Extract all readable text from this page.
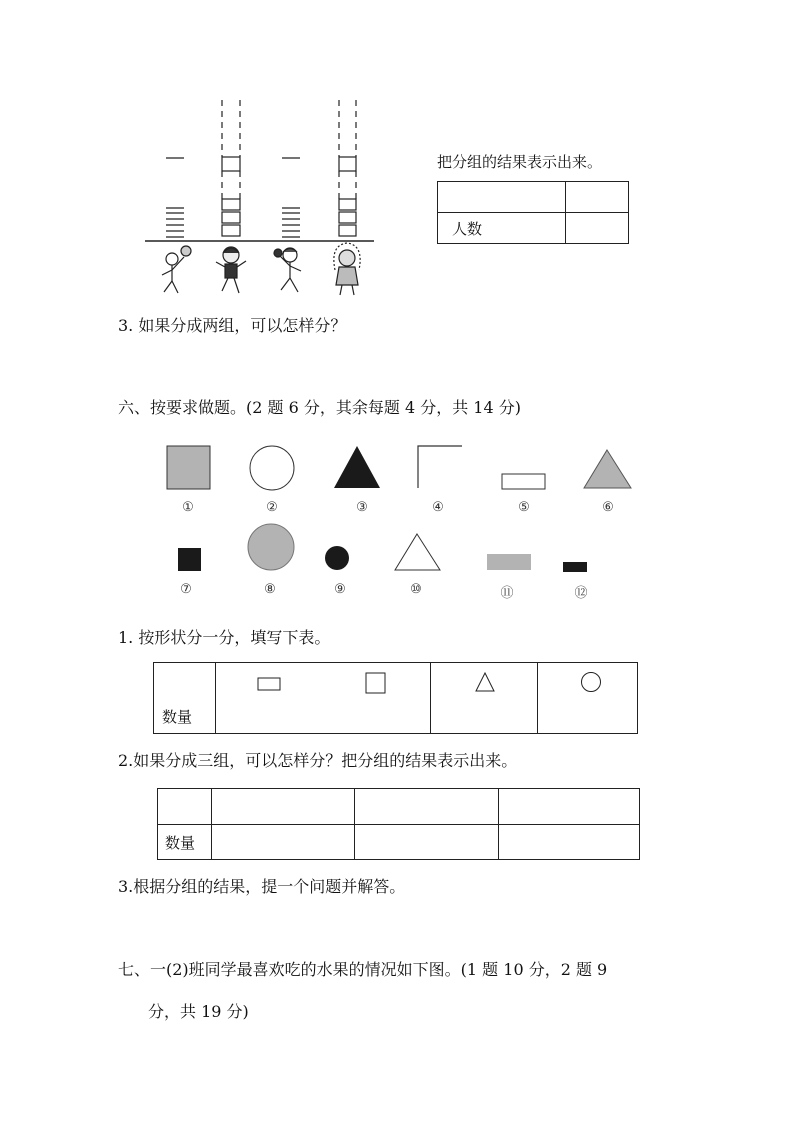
把分组的结果表示出来。

人数	
3. 如果分成两组，可以怎样分？
六、按要求做题。(2 题 6 分，其余每题 4 分，共 14 分)
①	②	③	④	⑤	⑥
⑦	⑧	⑨	⑩	⑪	⑫
1. 按形状分一分，填写下表。
数量	

2.如果分成三组，可以怎样分？把分组的结果表示出来。

数量			
3.根据分组的结果，提一个问题并解答。
七、一(2)班同学最喜欢吃的水果的情况如下图。(1 题 10 分，2 题 9
分，共 19 分)
